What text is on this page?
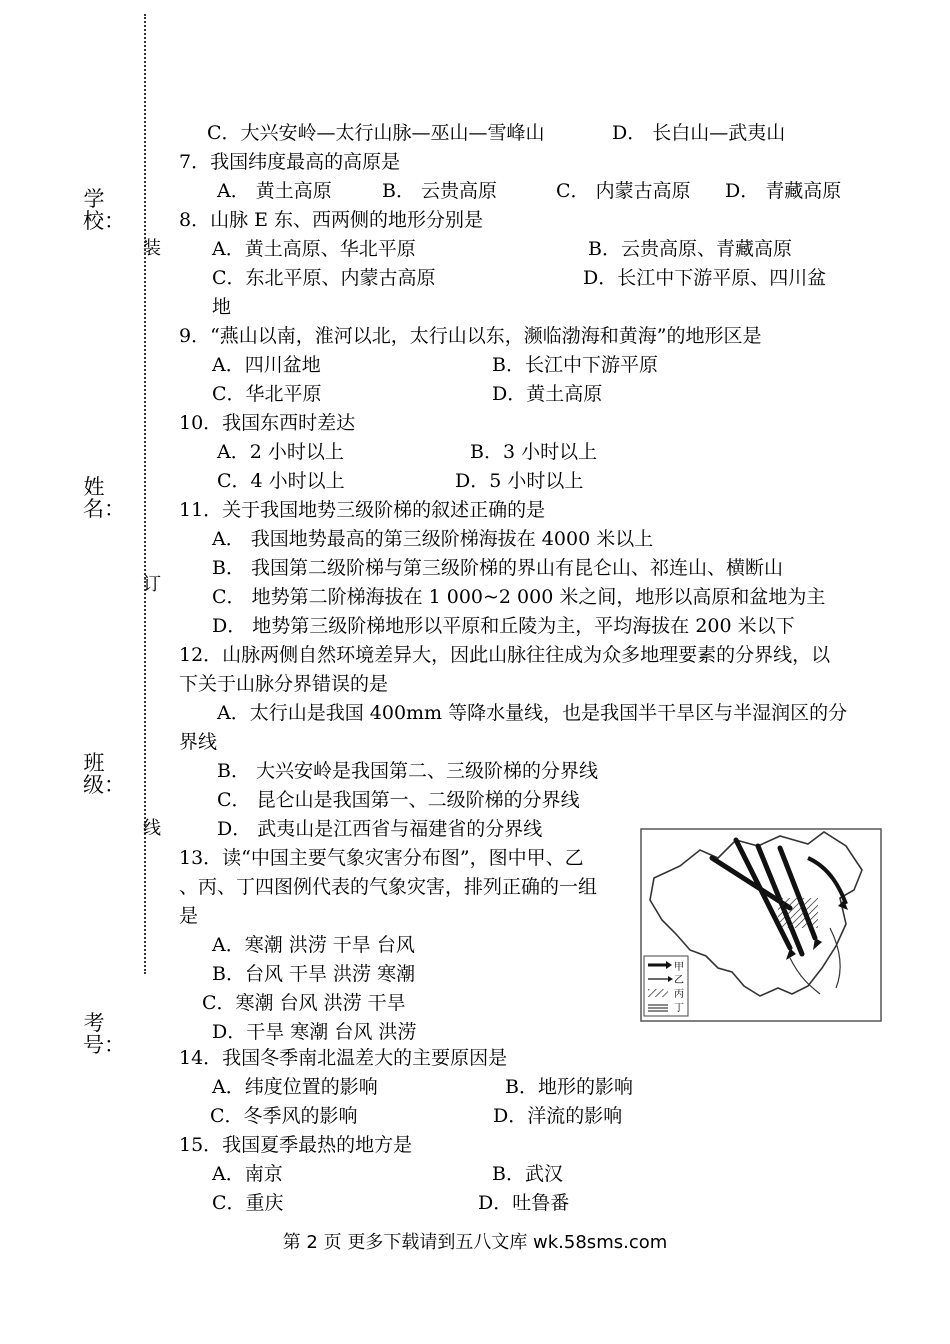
学校：
姓名：
班级：
考号：
装
订
线
C．大兴安岭—太行山脉—巫山—雪峰山	D． 长白山—武夷山
7．我国纬度最高的高原是
A． 黄土高原	B． 云贵高原	C． 内蒙古高原 D． 青藏高原
8．山脉 E 东、西两侧的地形分别是
A．黄土高原、华北平原	B．云贵高原、青藏高原
C．东北平原、内蒙古高原	D．长江中下游平原、四川盆
地
9．“燕山以南，淮河以北，太行山以东，濒临渤海和黄海”的地形区是
A．四川盆地	B．长江中下游平原
C．华北平原	D．黄土高原
10．我国东西时差达
A．2 小时以上	B．3 小时以上
C．4 小时以上	D．5 小时以上
11．关于我国地势三级阶梯的叙述正确的是
A． 我国地势最高的第三级阶梯海拔在 4000 米以上
B． 我国第二级阶梯与第三级阶梯的界山有昆仑山、祁连山、横断山
C． 地势第二阶梯海拔在 1 000~2 000 米之间，地形以高原和盆地为主
D． 地势第三级阶梯地形以平原和丘陵为主，平均海拔在 200 米以下
12．山脉两侧自然环境差异大，因此山脉往往成为众多地理要素的分界线，以
下关于山脉分界错误的是
A．太行山是我国 400mm 等降水量线，也是我国半干旱区与半湿润区的分
界线
B． 大兴安岭是我国第二、三级阶梯的分界线
C． 昆仑山是我国第一、二级阶梯的分界线
D． 武夷山是江西省与福建省的分界线
13．读“中国主要气象灾害分布图”，图中甲、乙
、丙、丁四图例代表的气象灾害，排列正确的一组
是
A．寒潮 洪涝 干旱 台风
B．台风 干旱 洪涝 寒潮
C．寒潮 台风 洪涝 干旱
D．干旱 寒潮 台风 洪涝
甲
乙
丙
丁
14．我国冬季南北温差大的主要原因是
A．纬度位置的影响	B．地形的影响
C．冬季风的影响	D．洋流的影响
15．我国夏季最热的地方是
A．南京	B．武汉
C．重庆	D．吐鲁番
第 2 页 更多下载请到五八文库 wk.58sms.com
